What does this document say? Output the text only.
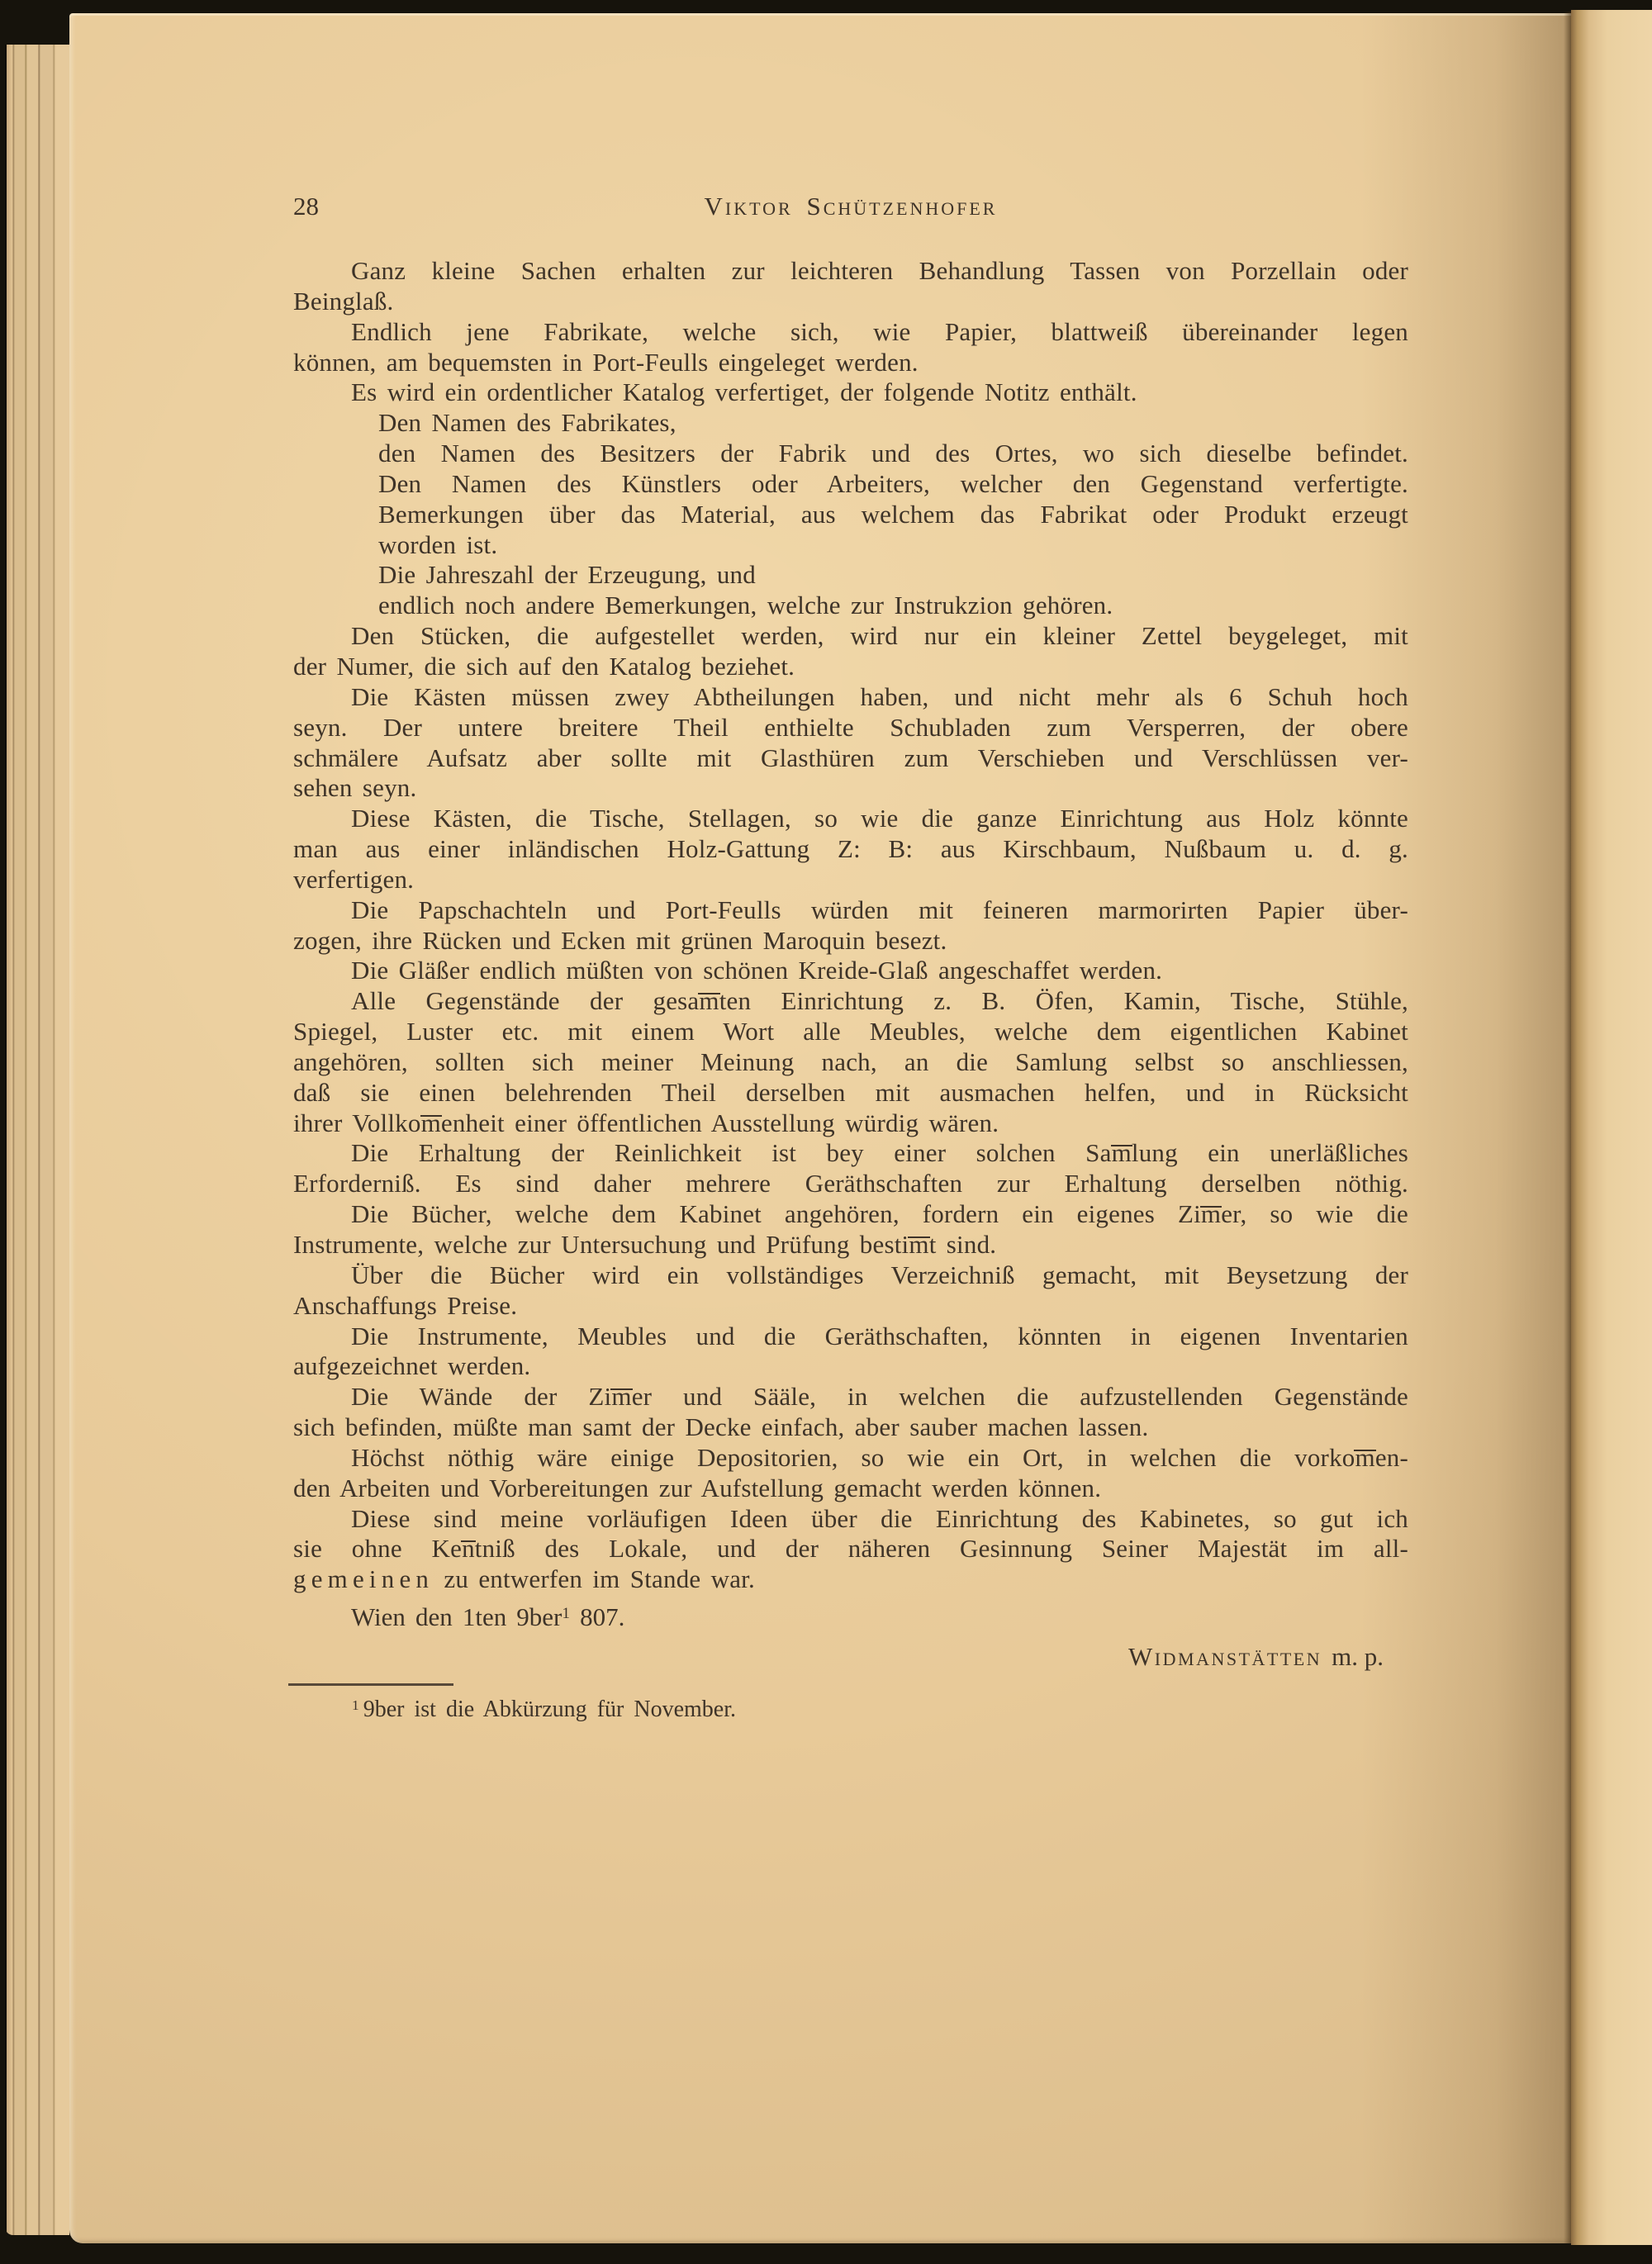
28	Viktor Schützenhofer
Ganz kleine Sachen erhalten zur leichteren Behandlung Tassen von Porzellain oder
Beinglaß.
Endlich jene Fabrikate, welche sich, wie Papier, blattweiß übereinander legen
können, am bequemsten in Port-Feulls eingeleget werden.
Es wird ein ordentlicher Katalog verfertiget, der folgende Notitz enthält.
Den Namen des Fabrikates,
den Namen des Besitzers der Fabrik und des Ortes, wo sich dieselbe befindet.
Den Namen des Künstlers oder Arbeiters, welcher den Gegenstand verfertigte.
Bemerkungen über das Material, aus welchem das Fabrikat oder Produkt erzeugt
worden ist.
Die Jahreszahl der Erzeugung, und
endlich noch andere Bemerkungen, welche zur Instrukzion gehören.
Den Stücken, die aufgestellet werden, wird nur ein kleiner Zettel beygeleget, mit
der Numer, die sich auf den Katalog beziehet.
Die Kästen müssen zwey Abtheilungen haben, und nicht mehr als 6 Schuh hoch
seyn. Der untere breitere Theil enthielte Schubladen zum Versperren, der obere
schmälere Aufsatz aber sollte mit Glasthüren zum Verschieben und Verschlüssen ver-
sehen seyn.
Diese Kästen, die Tische, Stellagen, so wie die ganze Einrichtung aus Holz könnte
man aus einer inländischen Holz-Gattung Z: B: aus Kirschbaum, Nußbaum u. d. g.
verfertigen.
Die Papschachteln und Port-Feulls würden mit feineren marmorirten Papier über-
zogen, ihre Rücken und Ecken mit grünen Maroquin besezt.
Die Gläßer endlich müßten von schönen Kreide-Glaß angeschaffet werden.
Alle Gegenstände der gesamten Einrichtung z. B. Öfen, Kamin, Tische, Stühle,
Spiegel, Luster etc. mit einem Wort alle Meubles, welche dem eigentlichen Kabinet
angehören, sollten sich meiner Meinung nach, an die Samlung selbst so anschliessen,
daß sie einen belehrenden Theil derselben mit ausmachen helfen, und in Rücksicht
ihrer Vollkomenheit einer öffentlichen Ausstellung würdig wären.
Die Erhaltung der Reinlichkeit ist bey einer solchen Samlung ein unerläßliches
Erforderniß. Es sind daher mehrere Geräthschaften zur Erhaltung derselben nöthig.
Die Bücher, welche dem Kabinet angehören, fordern ein eigenes Zimer, so wie die
Instrumente, welche zur Untersuchung und Prüfung bestimt sind.
Über die Bücher wird ein vollständiges Verzeichniß gemacht, mit Beysetzung der
Anschaffungs Preise.
Die Instrumente, Meubles und die Geräthschaften, könnten in eigenen Inventarien
aufgezeichnet werden.
Die Wände der Zimer und Sääle, in welchen die aufzustellenden Gegenstände
sich befinden, müßte man samt der Decke einfach, aber sauber machen lassen.
Höchst nöthig wäre einige Depositorien, so wie ein Ort, in welchen die vorkomen-
den Arbeiten und Vorbereitungen zur Aufstellung gemacht werden können.
Diese sind meine vorläufigen Ideen über die Einrichtung des Kabinetes, so gut ich
sie ohne Kentniß des Lokale, und der näheren Gesinnung Seiner Majestät im all-
gemeinen zu entwerfen im Stande war.
Wien den 1ten 9ber$^1$ 807.
Widmanstätten m. p.
$^1$ 9ber ist die Abkürzung für November.
